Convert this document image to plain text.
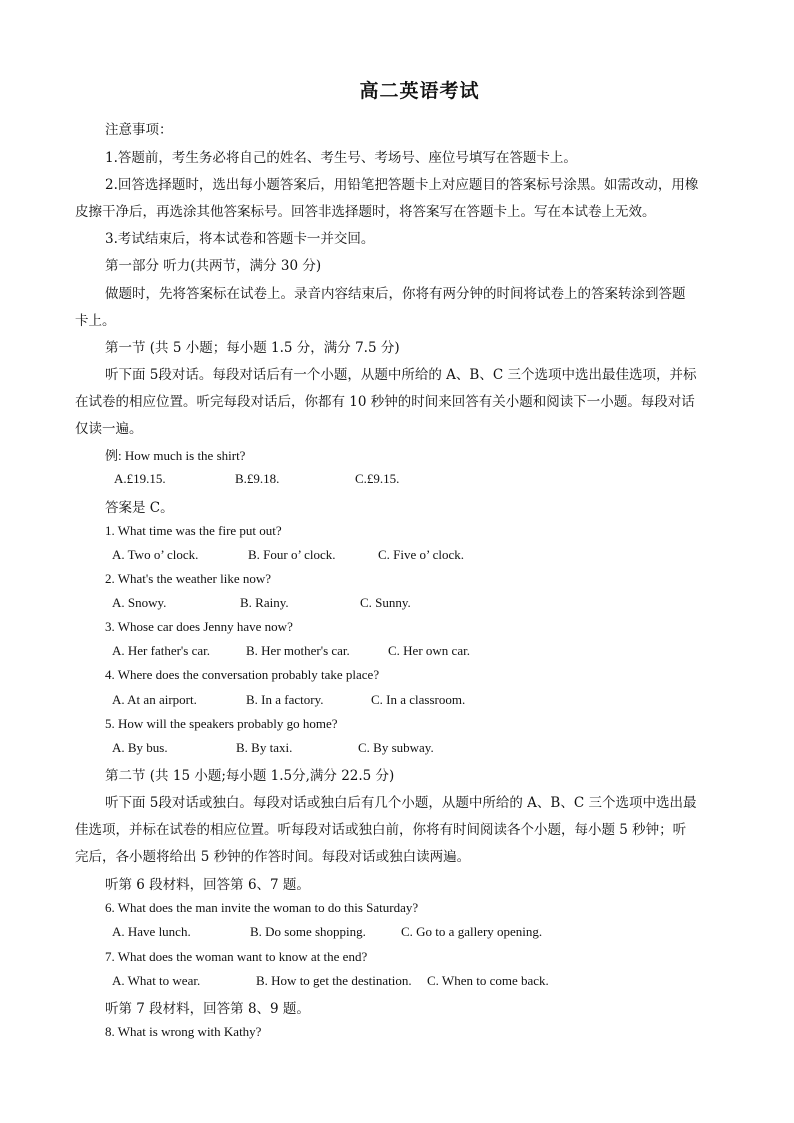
高二英语考试
注意事项：
1.答题前，考生务必将自己的姓名、考生号、考场号、座位号填写在答题卡上。
2.回答选择题时，选出每小题答案后，用铅笔把答题卡上对应题目的答案标号涂黑。如需改动，用橡
皮擦干净后，再选涂其他答案标号。回答非选择题时，将答案写在答题卡上。写在本试卷上无效。
3.考试结束后，将本试卷和答题卡一并交回。
第一部分 听力(共两节，满分 30 分)
做题时，先将答案标在试卷上。录音内容结束后，你将有两分钟的时间将试卷上的答案转涂到答题
卡上。
第一节 (共 5 小题；每小题 1.5 分，满分 7.5 分)
听下面 5段对话。每段对话后有一个小题，从题中所给的 A、B、C 三个选项中选出最佳选项，并标
在试卷的相应位置。听完每段对话后，你都有 10 秒钟的时间来回答有关小题和阅读下一小题。每段对话
仅读一遍。
例: How much is the shirt?
A.£19.15.	B.£9.18.	C.£9.15.
答案是 C。
1. What time was the fire put out?
A. Two o’ clock.	B. Four o’ clock.	C. Five o’ clock.
2. What's the weather like now?
A. Snowy.	B. Rainy.	C. Sunny.
3. Whose car does Jenny have now?
A. Her father's car.	B. Her mother's car.	C. Her own car.
4. Where does the conversation probably take place?
A. At an airport.	B. In a factory.	C. In a classroom.
5. How will the speakers probably go home?
A. By bus.	B. By taxi.	C. By subway.
第二节 (共 15 小题;每小题 1.5分,满分 22.5 分)
听下面 5段对话或独白。每段对话或独白后有几个小题，从题中所给的 A、B、C 三个选项中选出最
佳选项，并标在试卷的相应位置。听每段对话或独白前，你将有时间阅读各个小题，每小题 5 秒钟；听
完后，各小题将给出 5 秒钟的作答时间。每段对话或独白读两遍。
听第 6 段材料，回答第 6、7 题。
6. What does the man invite the woman to do this Saturday?
A. Have lunch.	B. Do some shopping.	C. Go to a gallery opening.
7. What does the woman want to know at the end?
A. What to wear.	B. How to get the destination. C. When to come back.
听第 7 段材料，回答第 8、9 题。
8. What is wrong with Kathy?
